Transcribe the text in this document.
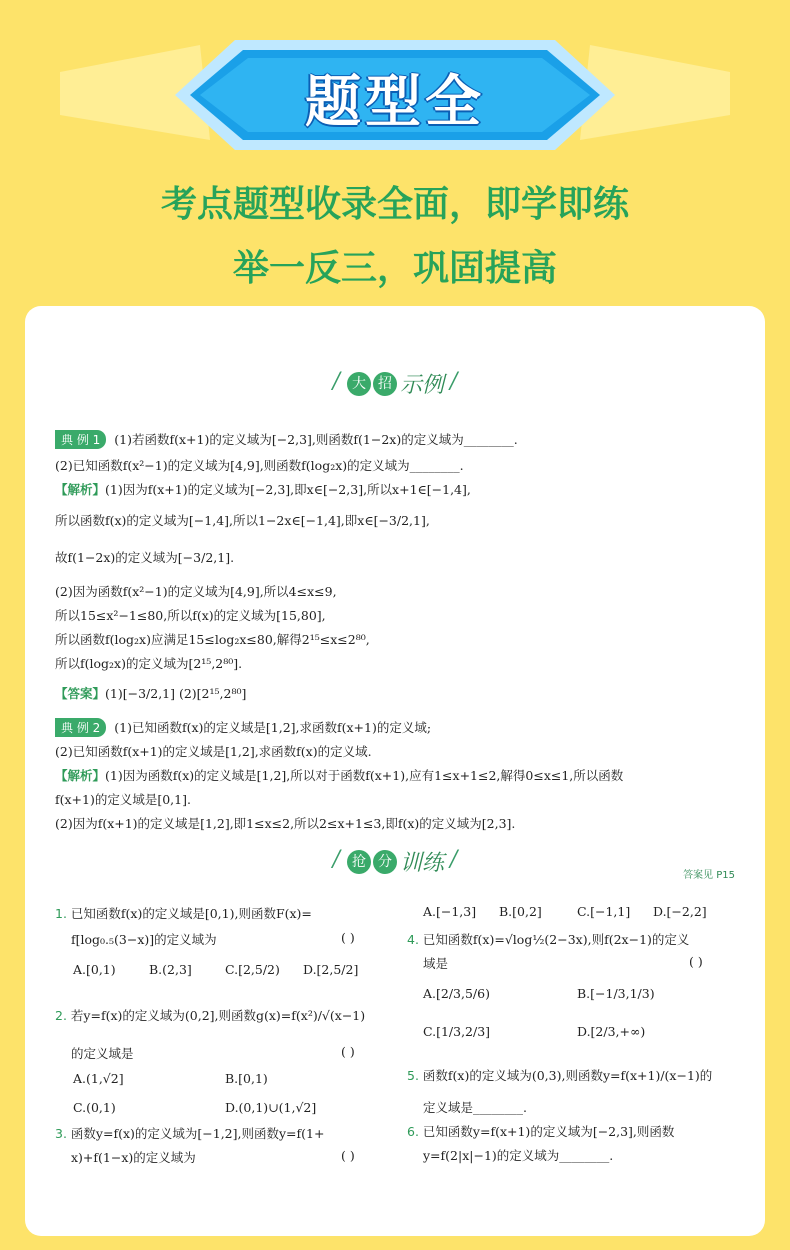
题型全
考点题型收录全面，即学即练
举一反三，巩固提高
/ 大 招 示例 /
典 例 1 (1)若函数f(x+1)的定义域为[−2,3],则函数f(1−2x)的定义域为________.
(2)已知函数f(x²−1)的定义域为[4,9],则函数f(log₂x)的定义域为________.
【解析】(1)因为f(x+1)的定义域为[−2,3],即x∈[−2,3],所以x+1∈[−1,4],
所以函数f(x)的定义域为[−1,4],所以1−2x∈[−1,4],即x∈[−3/2,1],
故f(1−2x)的定义域为[−3/2,1].
(2)因为函数f(x²−1)的定义域为[4,9],所以4≤x≤9,
所以15≤x²−1≤80,所以f(x)的定义域为[15,80],
所以函数f(log₂x)应满足15≤log₂x≤80,解得2¹⁵≤x≤2⁸⁰,
所以f(log₂x)的定义域为[2¹⁵,2⁸⁰].
【答案】(1)[−3/2,1] (2)[2¹⁵,2⁸⁰]
典 例 2 (1)已知函数f(x)的定义域是[1,2],求函数f(x+1)的定义域;
(2)已知函数f(x+1)的定义域是[1,2],求函数f(x)的定义域.
【解析】(1)因为函数f(x)的定义域是[1,2],所以对于函数f(x+1),应有1≤x+1≤2,解得0≤x≤1,所以函数
f(x+1)的定义域是[0,1].
(2)因为f(x+1)的定义域是[1,2],即1≤x≤2,所以2≤x+1≤3,即f(x)的定义域为[2,3].
/ 抢 分 训练 /
答案见 P15
1. 已知函数f(x)的定义域是[0,1),则函数F(x)=
f[log₀.₅(3−x)]的定义域为	( )
A.[0,1)	B.(2,3]	C.[2,5/2) D.[2,5/2]
2. 若y=f(x)的定义域为(0,2],则函数g(x)=f(x²)/√(x−1)
的定义域是	( )
A.(1,√2]	B.[0,1)
C.(0,1)	D.(0,1)∪(1,√2]
3. 函数y=f(x)的定义域为[−1,2],则函数y=f(1+
x)+f(1−x)的定义域为	( )
A.[−1,3] B.[0,2]	C.[−1,1] D.[−2,2]
4. 已知函数f(x)=√log½(2−3x),则f(2x−1)的定义
域是	( )
A.[2/3,5/6)	B.[−1/3,1/3)
C.[1/3,2/3]	D.[2/3,+∞)
5. 函数f(x)的定义域为(0,3),则函数y=f(x+1)/(x−1)的
定义域是________.
6. 已知函数y=f(x+1)的定义域为[−2,3],则函数
y=f(2|x|−1)的定义域为________.
